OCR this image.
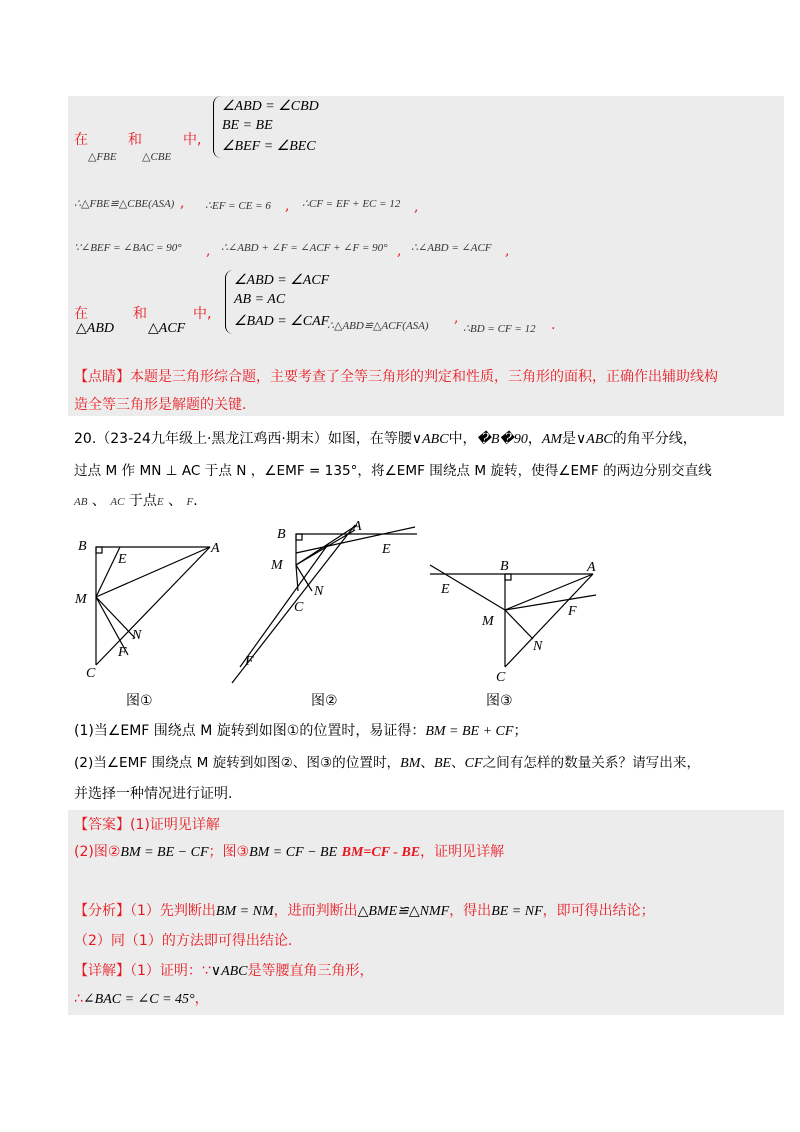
在
△FBE
和
△CBE
中,
∠ABD = ∠CBD
BE = BE
∠BEF = ∠BEC
∴△FBE≌△CBE(ASA) , ∴EF = CE = 6 , ∴CF = EF + EC = 12 ,
∵∠BEF = ∠BAC = 90° , ∴∠ABD + ∠F = ∠ACF + ∠F = 90° , ∴∠ABD = ∠ACF ,
在
△ABD
和
△ACF
中,
∠ABD = ∠ACF
AB = AC
∠BAD = ∠CAF
∴△ABD≌△ACF(ASA) ,
∴BD = CF = 12 .
【点睛】本题是三角形综合题，主要考查了全等三角形的判定和性质，三角形的面积，正确作出辅助线构
造全等三角形是解题的关键.
20.（23-24九年级上·黑龙江鸡西·期末）如图，在等腰∨ABC中，�B�90，AM是∨ABC的角平分线，
过点 M 作 MN ⊥ AC 于点 N ，∠EMF = 135°，将∠EMF 围绕点 M 旋转，使得∠EMF 的两边分别交直线
AB 、 AC 于点E 、 F.
B
E
A
M
N
F
C
B
A
E
M
N
C
F
B	A
E
F
M
N
C
图①	图②	图③
(1)当∠EMF 围绕点 M 旋转到如图①的位置时，易证得：BM = BE + CF；
(2)当∠EMF 围绕点 M 旋转到如图②、图③的位置时，BM、BE、CF之间有怎样的数量关系？请写出来，
并选择一种情况进行证明.
【答案】(1)证明见详解
(2)图②BM = BE − CF；图③BM = CF − BE BM=CF - BE，证明见详解
【分析】（1）先判断出BM = NM，进而判断出△BME≌△NMF，得出BE = NF，即可得出结论；
（2）同（1）的方法即可得出结论.
【详解】（1）证明：∵∨ABC是等腰直角三角形，
∴∠BAC = ∠C = 45°，
